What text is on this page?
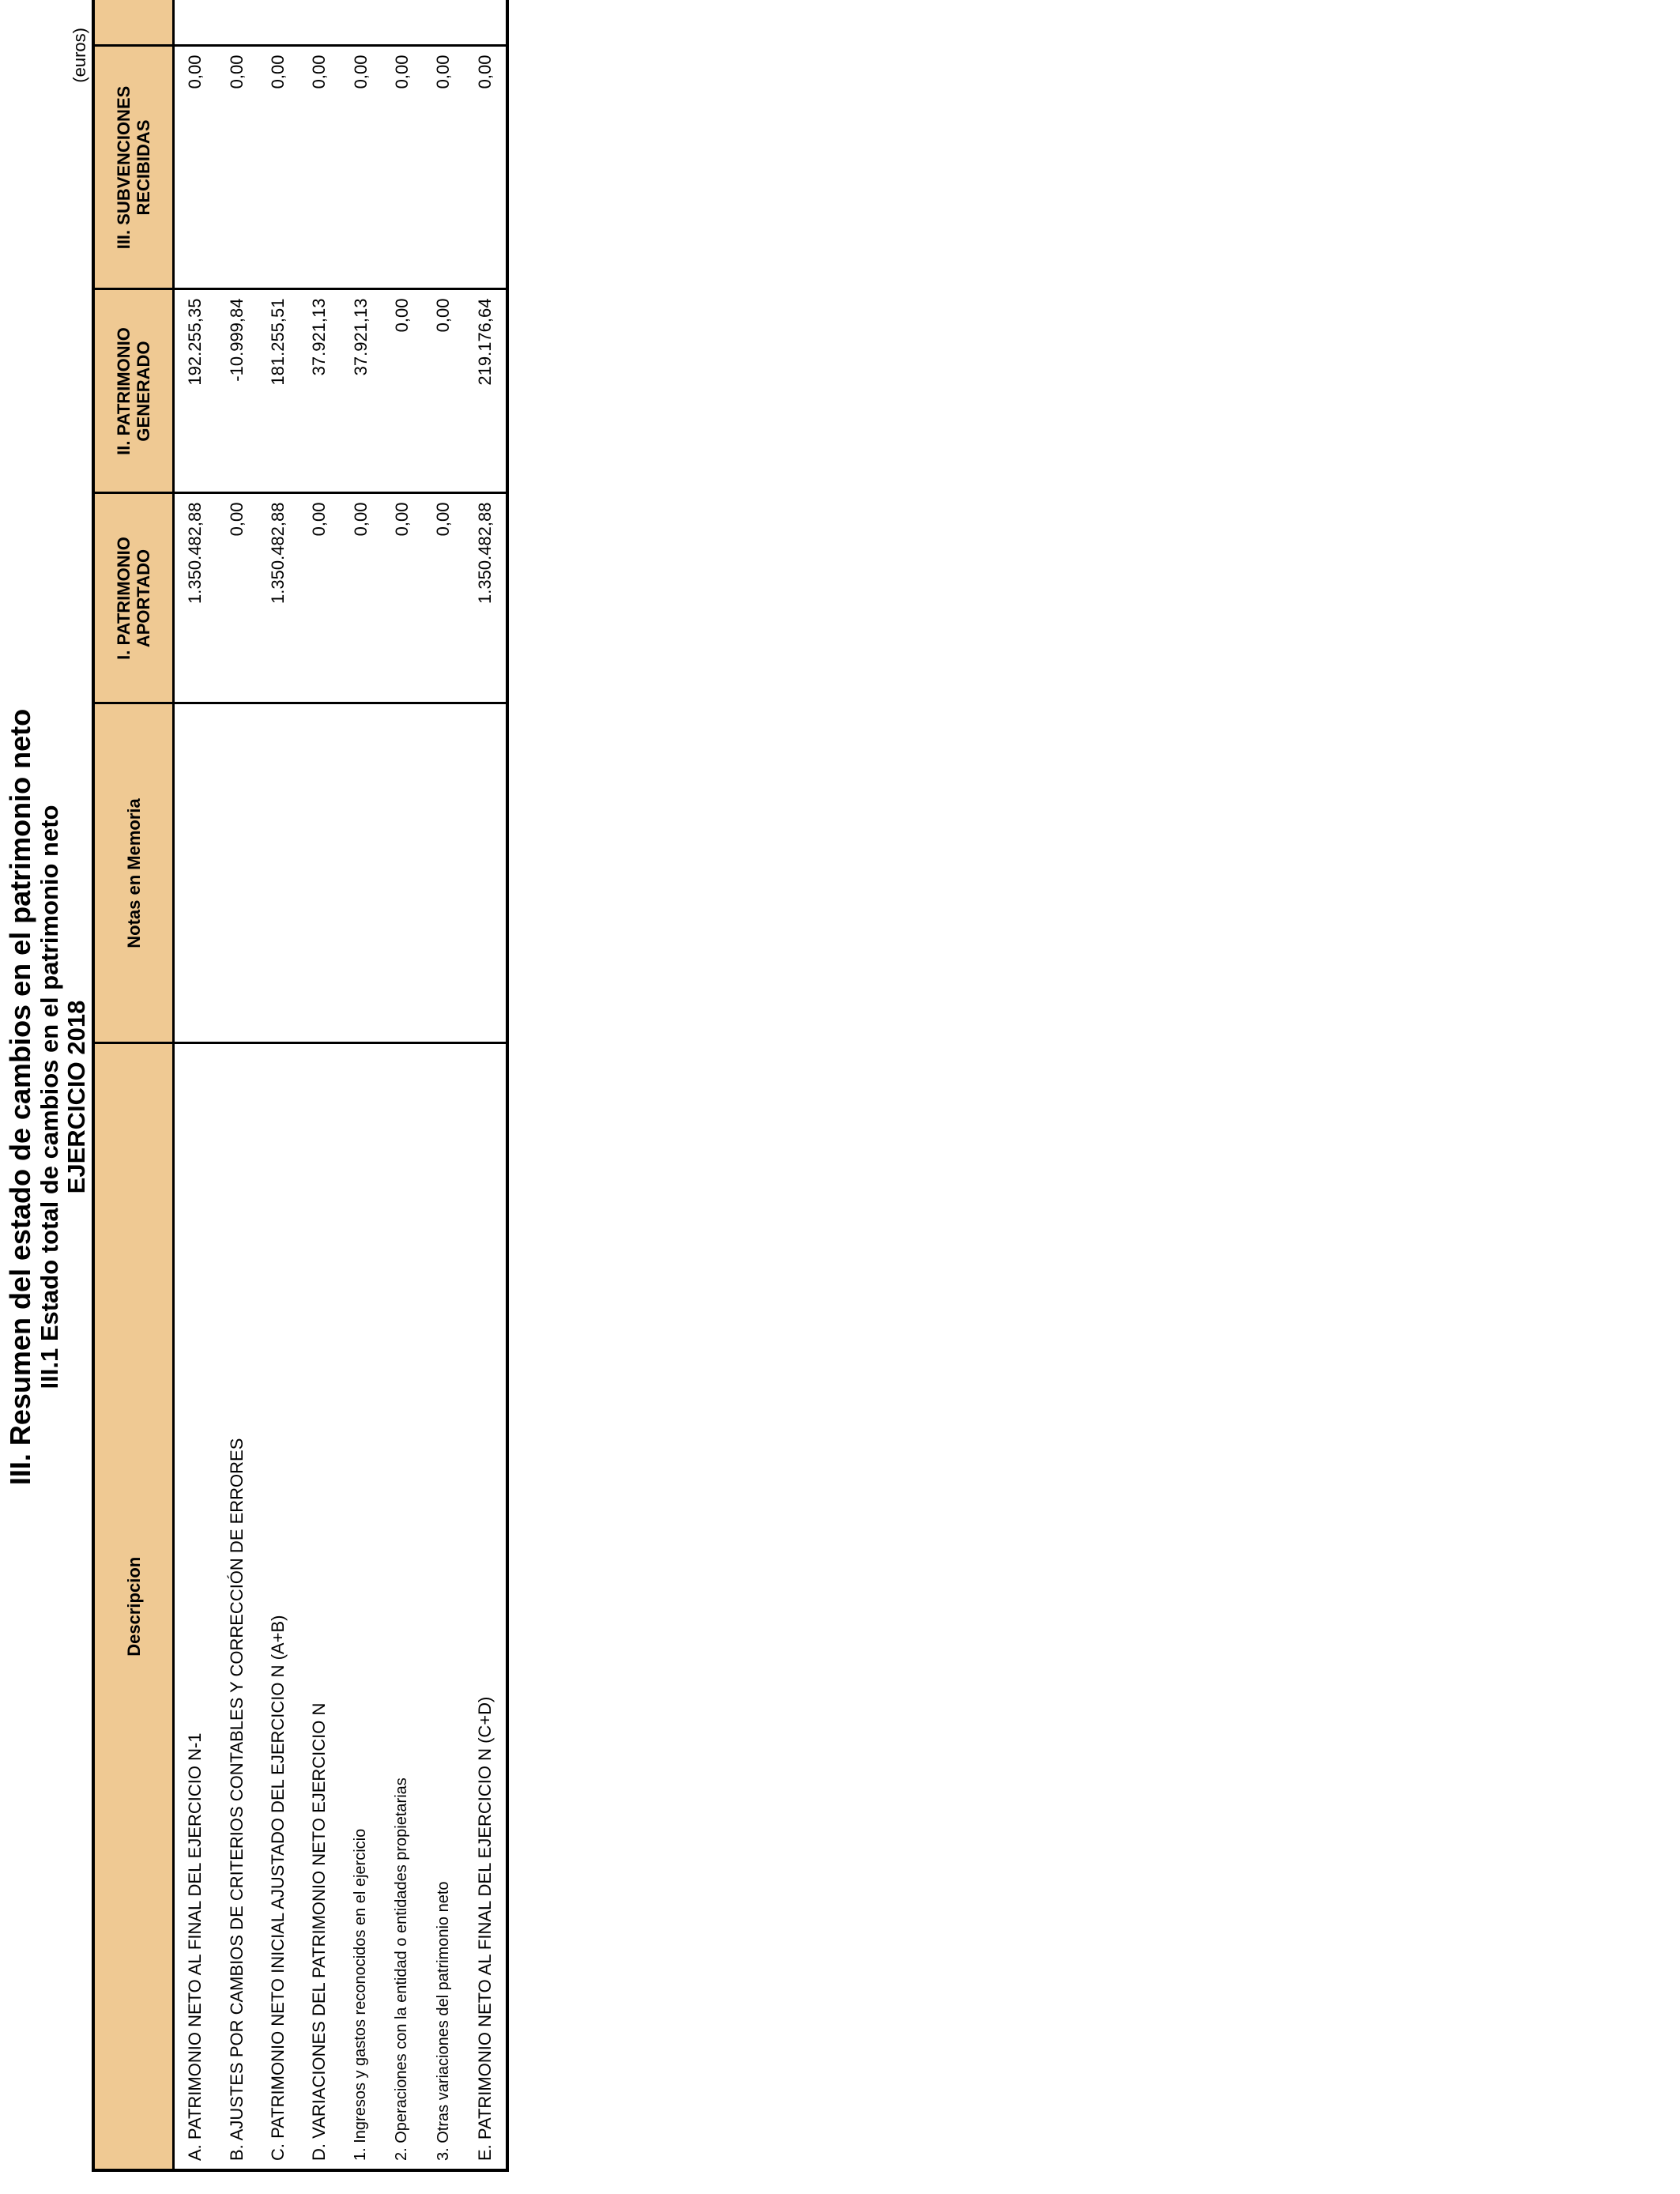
III. Resumen del estado de cambios en el patrimonio neto III.1 Estado total de cambios en el patrimonio neto EJERCICIO 2018
(euros)
Descripcion	Notas en Memoria	I. PATRIMONIO APORTADO	II. PATRIMONIO GENERADO	III. SUBVENCIONES RECIBIDAS	
A. PATRIMONIO NETO AL FINAL DEL EJERCICIO N-1		1.350.482,88	192.255,35	0,00	
B. AJUSTES POR CAMBIOS DE CRITERIOS CONTABLES Y CORRECCIÓN DE ERRORES		0,00	-10.999,84	0,00	
C. PATRIMONIO NETO INICIAL AJUSTADO DEL EJERCICIO N (A+B)		1.350.482,88	181.255,51	0,00	
D. VARIACIONES DEL PATRIMONIO NETO EJERCICIO N		0,00	37.921,13	0,00	
1. Ingresos y gastos reconocidos en el ejercicio		0,00	37.921,13	0,00	
2. Operaciones con la entidad o entidades propietarias		0,00	0,00	0,00	
3. Otras variaciones del patrimonio neto		0,00	0,00	0,00	
E. PATRIMONIO NETO AL FINAL DEL EJERCICIO N (C+D)		1.350.482,88	219.176,64	0,00	
